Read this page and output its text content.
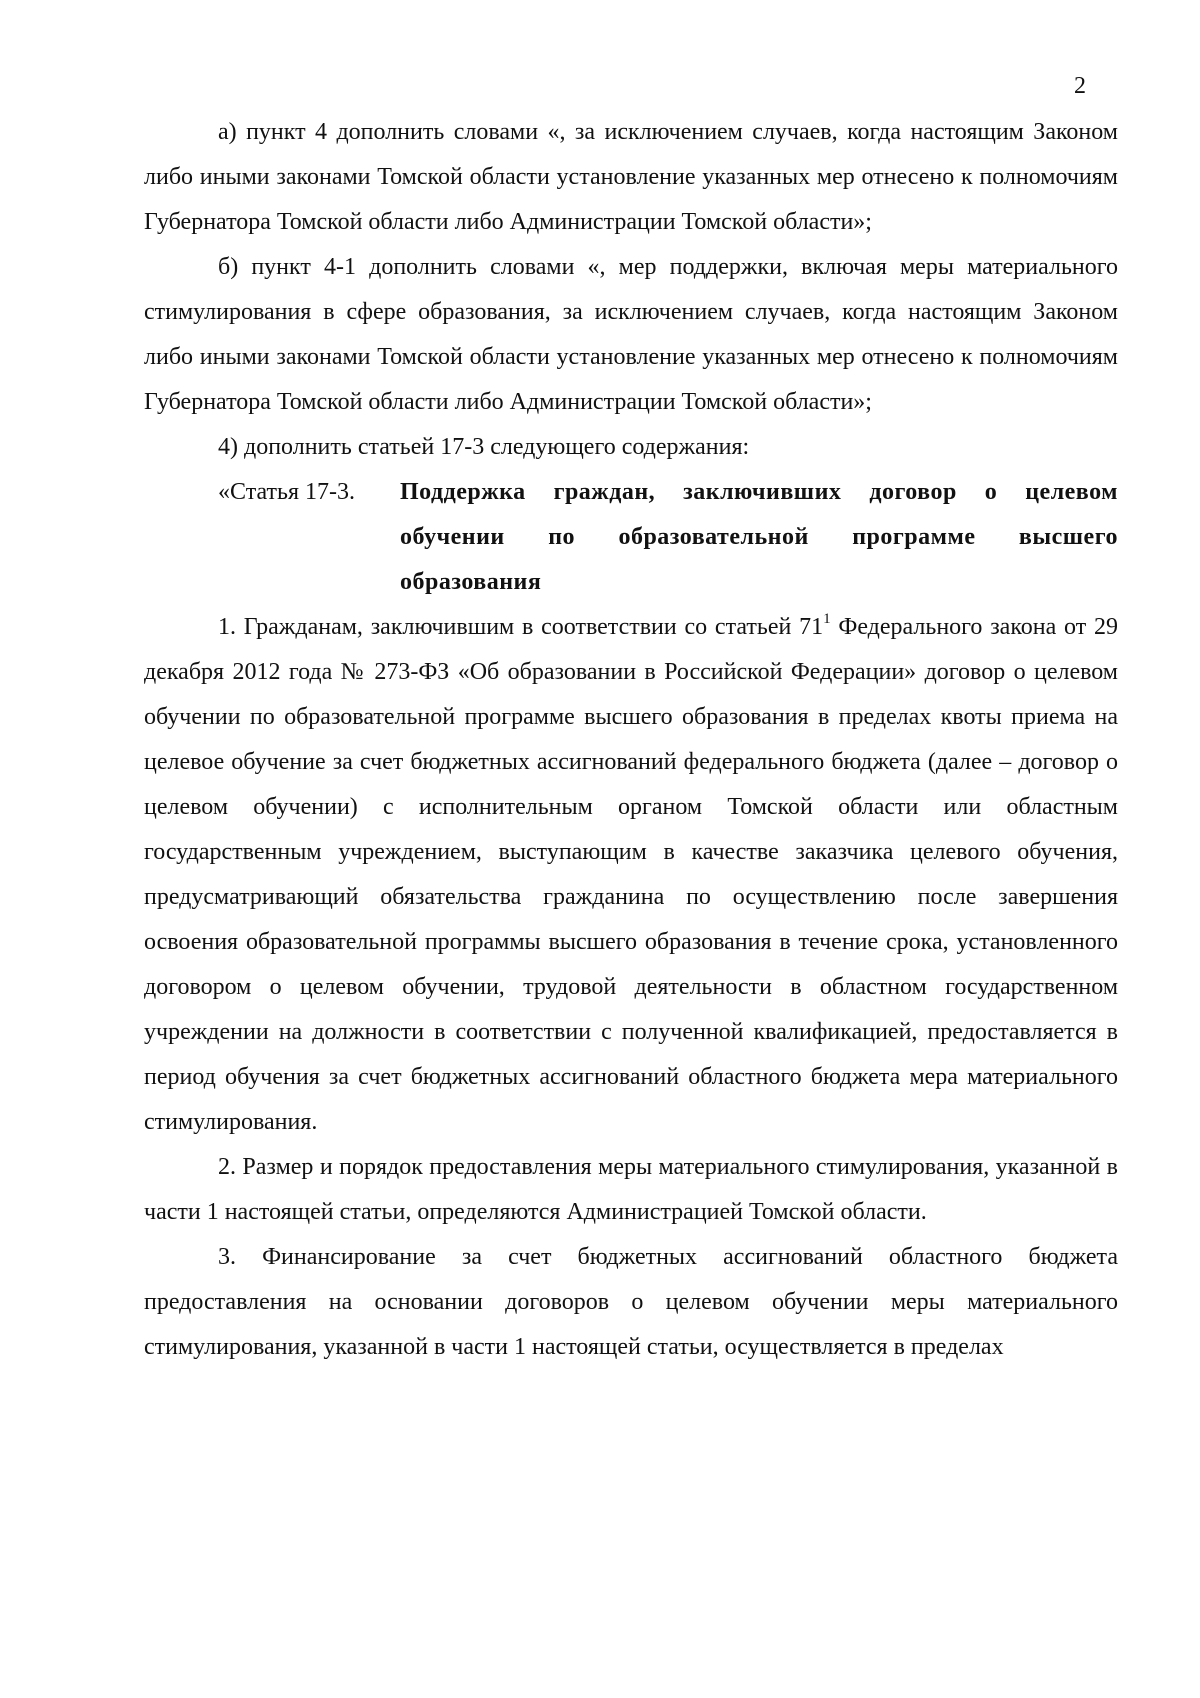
2

а) пункт 4 дополнить словами «, за исключением случаев, когда настоящим Законом либо иными законами Томской области установление указанных мер отнесено к полномочиям Губернатора Томской области либо Администрации Томской области»;

б) пункт 4-1 дополнить словами «, мер поддержки, включая меры материального стимулирования в сфере образования, за исключением случаев, когда настоящим Законом либо иными законами Томской области установление указанных мер отнесено к полномочиям Губернатора Томской области либо Администрации Томской области»;

4) дополнить статьей 17-3 следующего содержания:

«Статья 17-3.	Поддержка граждан, заключивших договор о целевом обучении по образовательной программе высшего образования

1. Гражданам, заключившим в соответствии со статьей $71^1$ Федерального закона от 29 декабря 2012 года № 273-ФЗ «Об образовании в Российской Федерации» договор о целевом обучении по образовательной программе высшего образования в пределах квоты приема на целевое обучение за счет бюджетных ассигнований федерального бюджета (далее – договор о целевом обучении) с исполнительным органом Томской области или областным государственным учреждением, выступающим в качестве заказчика целевого обучения, предусматривающий обязательства гражданина по осуществлению после завершения освоения образовательной программы высшего образования в течение срока, установленного договором о целевом обучении, трудовой деятельности в областном государственном учреждении на должности в соответствии с полученной квалификацией, предоставляется в период обучения за счет бюджетных ассигнований областного бюджета мера материального стимулирования.

2. Размер и порядок предоставления меры материального стимулирования, указанной в части 1 настоящей статьи, определяются Администрацией Томской области.

3. Финансирование за счет бюджетных ассигнований областного бюджета предоставления на основании договоров о целевом обучении меры материального стимулирования, указанной в части 1 настоящей статьи, осуществляется в пределах
